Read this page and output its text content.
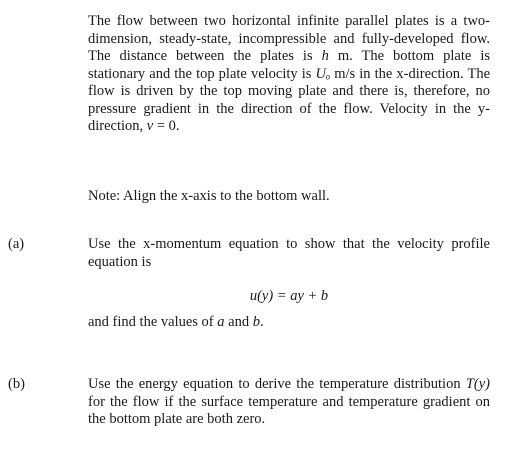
The flow between two horizontal infinite parallel plates is a two-dimension, steady-state, incompressible and fully-developed flow. The distance between the plates is h m. The bottom plate is stationary and the top plate velocity is Uₒ m/s in the x-direction. The flow is driven by the top moving plate and there is, therefore, no pressure gradient in the direction of the flow. Velocity in the y-direction, v = 0.
Note: Align the x-axis to the bottom wall.
(a)	Use the x-momentum equation to show that the velocity profile equation is
u(y) = ay + b
and find the values of a and b.
(b)	Use the energy equation to derive the temperature distribution T(y) for the flow if the surface temperature and temperature gradient on the bottom plate are both zero.
